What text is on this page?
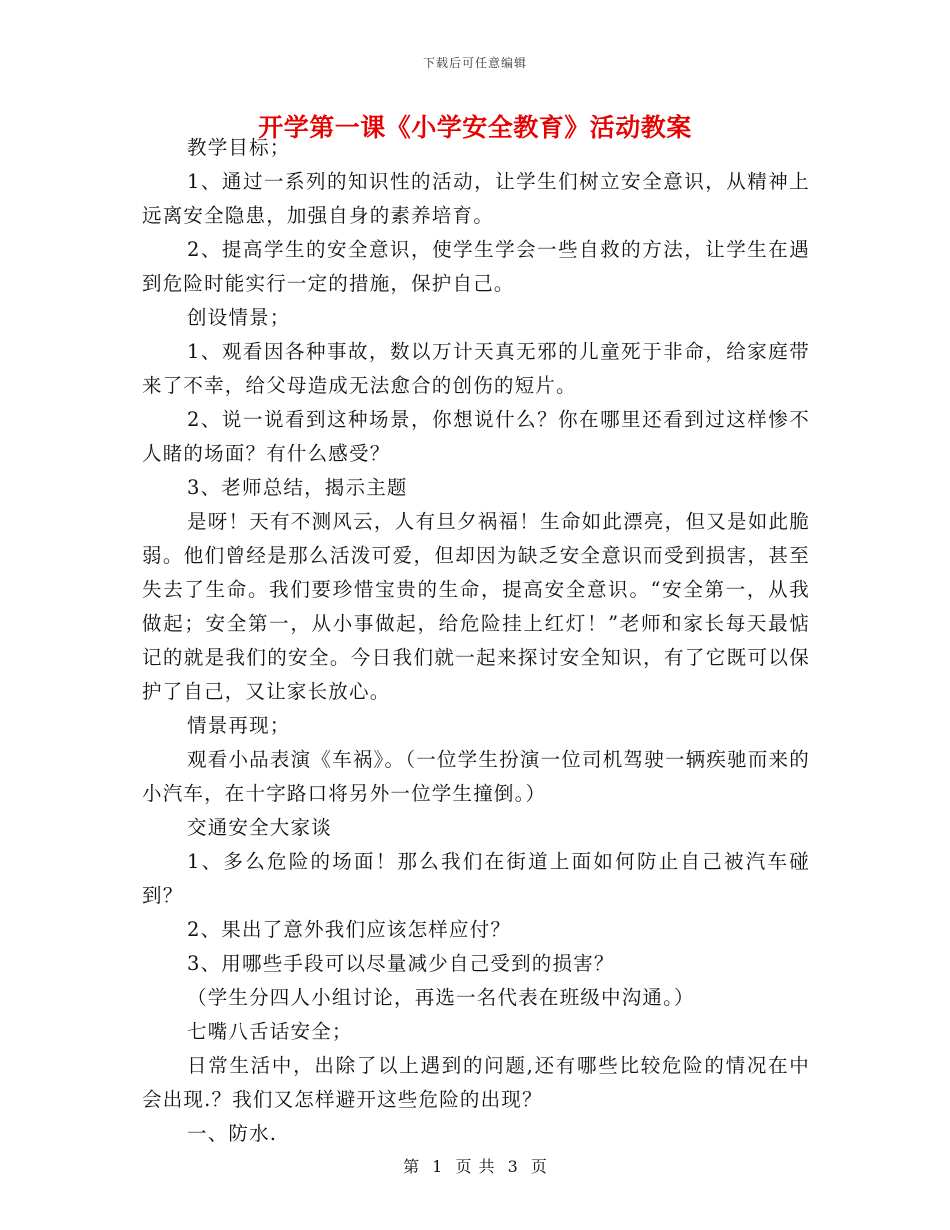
下载后可任意编辑
开学第一课《小学安全教育》活动教案

教学目标；

1、通过一系列的知识性的活动，让学生们树立安全意识，从精神上远离安全隐患，加强自身的素养培育。

2、提高学生的安全意识，使学生学会一些自救的方法，让学生在遇到危险时能实行一定的措施，保护自己。

创设情景；

1、观看因各种事故，数以万计天真无邪的儿童死于非命，给家庭带来了不幸，给父母造成无法愈合的创伤的短片。

2、说一说看到这种场景，你想说什么？你在哪里还看到过这样惨不人睹的场面？有什么感受？

3、老师总结，揭示主题

是呀！天有不测风云，人有旦夕祸福！生命如此漂亮，但又是如此脆弱。他们曾经是那么活泼可爱，但却因为缺乏安全意识而受到损害，甚至失去了生命。我们要珍惜宝贵的生命，提高安全意识。“安全第一，从我做起；安全第一，从小事做起，给危险挂上红灯！”老师和家长每天最惦记的就是我们的安全。今日我们就一起来探讨安全知识，有了它既可以保护了自己，又让家长放心。

情景再现；

观看小品表演《车祸》。（一位学生扮演一位司机驾驶一辆疾驰而来的小汽车，在十字路口将另外一位学生撞倒。）

交通安全大家谈

1、多么危险的场面！那么我们在街道上面如何防止自己被汽车碰到？

2、果出了意外我们应该怎样应付？

3、用哪些手段可以尽量减少自己受到的损害？

（学生分四人小组讨论，再选一名代表在班级中沟通。）

七嘴八舌话安全；

日常生活中，出除了以上遇到的问题,还有哪些比较危险的情况在中会出现.？我们又怎样避开这些危险的出现？

一、防水.

第 1 页 共 3 页
